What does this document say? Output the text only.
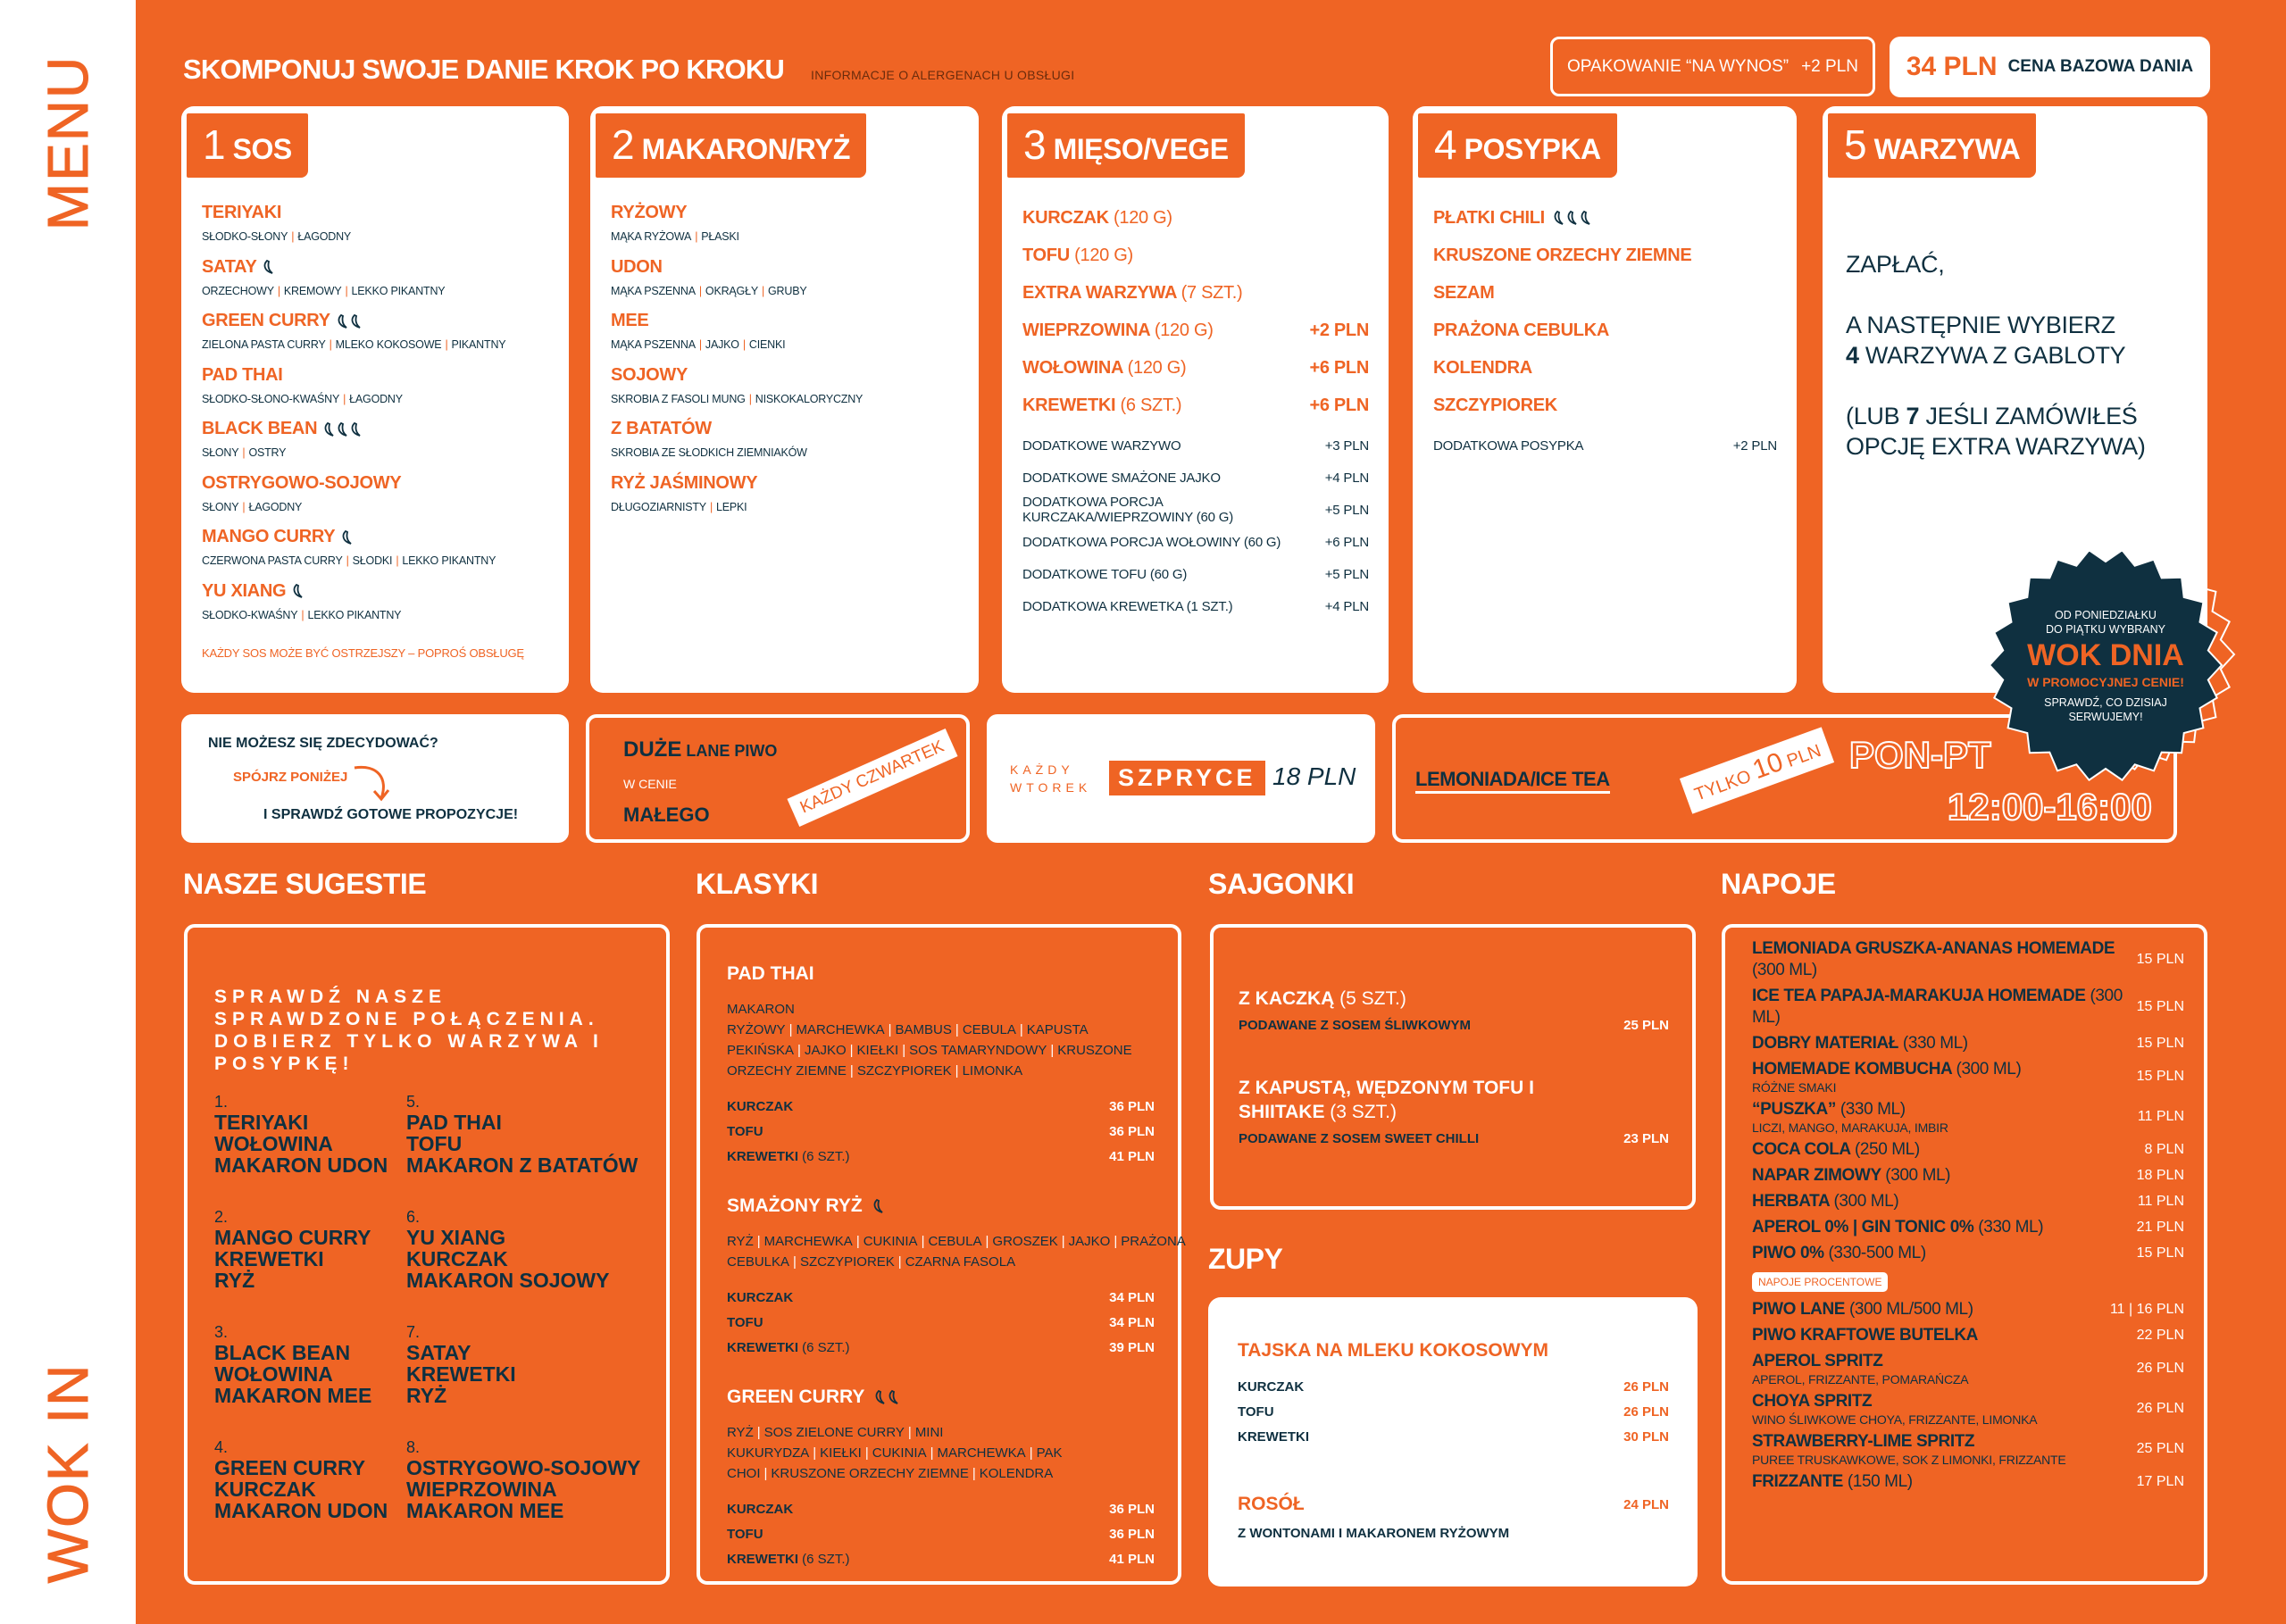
MENU
WOK IN
SKOMPONUJ SWOJE DANIE KROK PO KROKU INFORMACJE O ALERGENACH U OBSŁUGI	OPAKOWANIE “NA WYNOS” +2 PLN 34 PLN CENA BAZOWA DANIA
1 SOS
TERIYAKI
SŁODKO-SŁONY | ŁAGODNY
SATAY
ORZECHOWY | KREMOWY | LEKKO PIKANTNY
GREEN CURRY
ZIELONA PASTA CURRY | MLEKO KOKOSOWE | PIKANTNY
PAD THAI
SŁODKO-SŁONO-KWAŚNY | ŁAGODNY
BLACK BEAN
SŁONY | OSTRY
OSTRYGOWO-SOJOWY
SŁONY | ŁAGODNY
MANGO CURRY
CZERWONA PASTA CURRY | SŁODKI | LEKKO PIKANTNY
YU XIANG
SŁODKO-KWAŚNY | LEKKO PIKANTNY
KAŻDY SOS MOŻE BYĆ OSTRZEJSZY – POPROŚ OBSŁUGĘ
2 MAKARON/RYŻ
RYŻOWY
MĄKA RYŻOWA | PŁASKI
UDON
MĄKA PSZENNA | OKRĄGŁY | GRUBY
MEE
MĄKA PSZENNA | JAJKO | CIENKI
SOJOWY
SKROBIA Z FASOLI MUNG | NISKOKALORYCZNY
Z BATATÓW
SKROBIA ZE SŁODKICH ZIEMNIAKÓW
RYŻ JAŚMINOWY
DŁUGOZIARNISTY | LEPKI
3 MIĘSO/VEGE
KURCZAK (120 G)
TOFU (120 G)
EXTRA WARZYWA (7 SZT.)
WIEPRZOWINA (120 G)	+2 PLN
WOŁOWINA (120 G)	+6 PLN
KREWETKI (6 SZT.)	+6 PLN
DODATKOWE WARZYWO	+3 PLN
DODATKOWE SMAŻONE JAJKO	+4 PLN
DODATKOWA PORCJA KURCZAKA/WIEPRZOWINY (60 G)	+5 PLN
DODATKOWA PORCJA WOŁOWINY (60 G)	+6 PLN
DODATKOWE TOFU (60 G)	+5 PLN
DODATKOWA KREWETKA (1 SZT.)	+4 PLN
4 POSYPKA
PŁATKI CHILI
KRUSZONE ORZECHY ZIEMNE
SEZAM
PRAŻONA CEBULKA
KOLENDRA
SZCZYPIOREK
DODATKOWA POSYPKA	+2 PLN
ZAPŁAĆ,

A NASTĘPNIE WYBIERZ
4 WARZYWA Z GABLOTY

(LUB 7 JEŚLI ZAMÓWIŁEŚ
OPCJĘ EXTRA WARZYWA)
5 WARZYWA
NIE MOŻESZ SIĘ ZDECYDOWAĆ?
SPÓJRZ PONIŻEJ
I SPRAWDŹ GOTOWE PROPOZYCJE!
DUŻE LANE PIWO
W CENIE
MAŁEGO	KAŻDY CZWARTEK	KAŻDY
WTOREK	SZPRYCE 18 PLN	LEMONIADA/ICE TEA	TYLKO 10 PLN PON-PT
12:00-16:00
OD PONIEDZIAŁKU
DO PIĄTKU WYBRANY
WOK DNIA
W PROMOCYJNEJ CENIE!
SPRAWDŹ, CO DZISIAJ
SERWUJEMY!
NASZE SUGESTIE
SPRAWDŹ NASZE SPRAWDZONE POŁĄCZENIA. DOBIERZ TYLKO WARZYWA I POSYPKĘ!
1.
TERIYAKI
WOŁOWINA
MAKARON UDON
2.
MANGO CURRY
KREWETKI
RYŻ
3.
BLACK BEAN
WOŁOWINA
MAKARON MEE
4.
GREEN CURRY
KURCZAK
MAKARON UDON
5.
PAD THAI
TOFU
MAKARON Z BATATÓW
6.
YU XIANG
KURCZAK
MAKARON SOJOWY
7.
SATAY
KREWETKI
RYŻ
8.
OSTRYGOWO-SOJOWY
WIEPRZOWINA
MAKARON MEE
KLASYKI
PAD THAI
MAKARON RYŻOWY | MARCHEWKA | BAMBUS | CEBULA | KAPUSTA PEKIŃSKA | JAJKO | KIEŁKI | SOS TAMARYNDOWY | KRUSZONE ORZECHY ZIEMNE | SZCZYPIOREK | LIMONKA
KURCZAK	36 PLN
TOFU	36 PLN
KREWETKI (6 SZT.)	41 PLN
SMAŻONY RYŻ
RYŻ | MARCHEWKA | CUKINIA | CEBULA | GROSZEK | JAJKO | PRAŻONA CEBULKA | SZCZYPIOREK | CZARNA FASOLA
KURCZAK	34 PLN
TOFU	34 PLN
KREWETKI (6 SZT.)	39 PLN
GREEN CURRY
RYŻ | SOS ZIELONE CURRY | MINI KUKURYDZA | KIEŁKI | CUKINIA | MARCHEWKA | PAK CHOI | KRUSZONE ORZECHY ZIEMNE | KOLENDRA
KURCZAK	36 PLN
TOFU	36 PLN
KREWETKI (6 SZT.)	41 PLN
SAJGONKI
Z KACZKĄ (5 SZT.)
PODAWANE Z SOSEM ŚLIWKOWYM	25 PLN
Z KAPUSTĄ, WĘDZONYM TOFU I SHIITAKE (3 SZT.)
PODAWANE Z SOSEM SWEET CHILLI	23 PLN
ZUPY
TAJSKA NA MLEKU KOKOSOWYM
KURCZAK	26 PLN
TOFU	26 PLN
KREWETKI	30 PLN
ROSÓŁ	24 PLN
Z WONTONAMI I MAKARONEM RYŻOWYM
NAPOJE
LEMONIADA GRUSZKA-ANANAS HOMEMADE (300 ML)
15 PLN
ICE TEA PAPAJA-MARAKUJA HOMEMADE (300 ML)
15 PLN
DOBRY MATERIAŁ (330 ML)	15 PLN
HOMEMADE KOMBUCHA (300 ML)
RÓŻNE SMAKI
15 PLN
“PUSZKA” (330 ML)
LICZI, MANGO, MARAKUJA, IMBIR
11 PLN
COCA COLA (250 ML)	8 PLN
NAPAR ZIMOWY (300 ML)	18 PLN
HERBATA (300 ML)	11 PLN
APEROL 0% | GIN TONIC 0% (330 ML)	21 PLN
PIWO 0% (330-500 ML)	15 PLN
NAPOJE PROCENTOWE
PIWO LANE (300 ML/500 ML)	11 | 16 PLN
PIWO KRAFTOWE BUTELKA	22 PLN
APEROL SPRITZ
APEROL, FRIZZANTE, POMARAŃCZA
26 PLN
CHOYA SPRITZ
WINO ŚLIWKOWE CHOYA, FRIZZANTE, LIMONKA
26 PLN
STRAWBERRY-LIME SPRITZ
PUREE TRUSKAWKOWE, SOK Z LIMONKI, FRIZZANTE
25 PLN
FRIZZANTE (150 ML)	17 PLN
